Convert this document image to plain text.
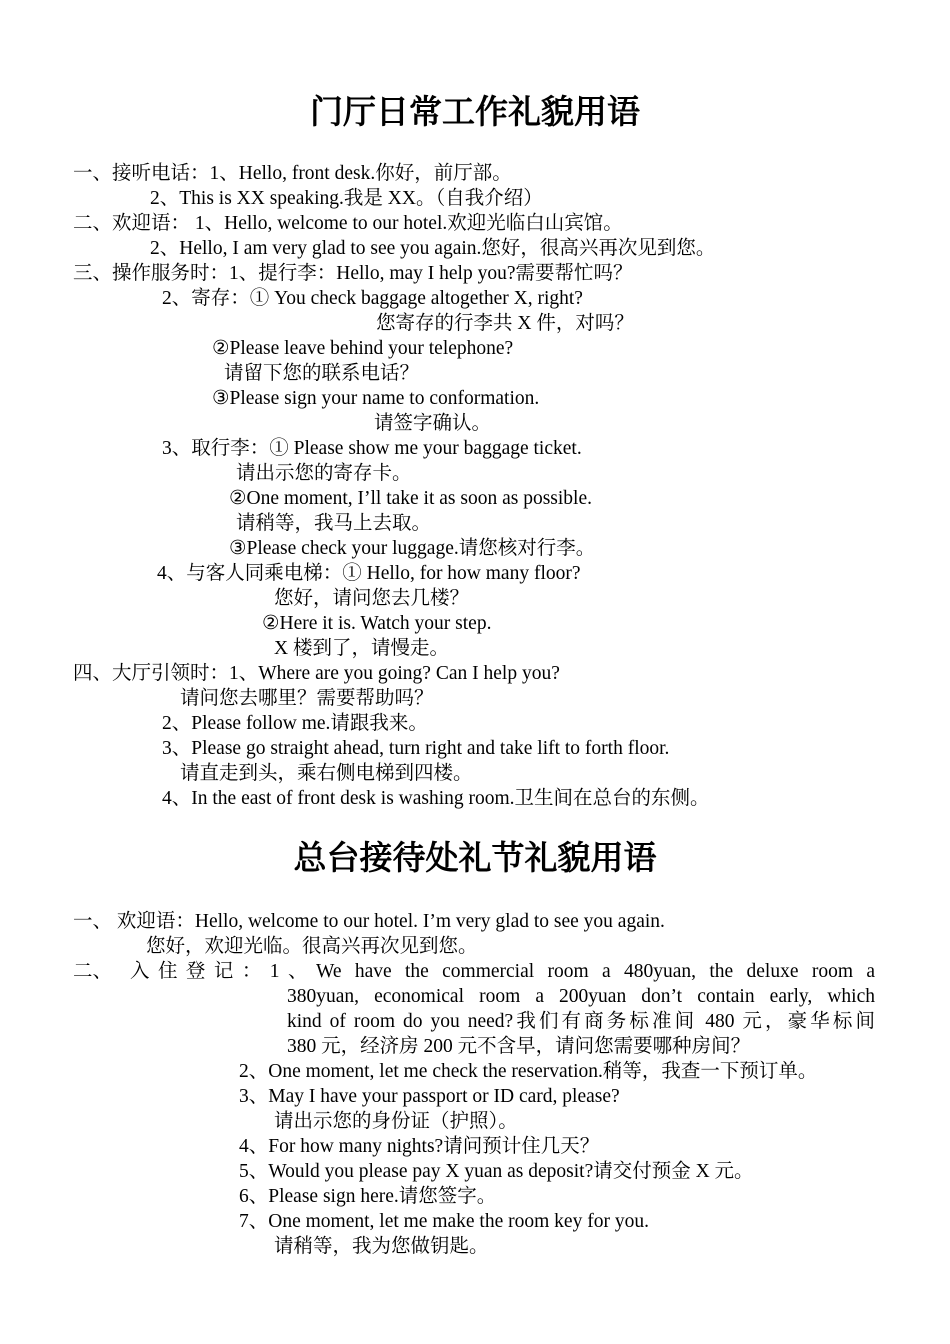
门厅日常工作礼貌用语
一、接听电话：1、Hello, front desk.你好，前厅部。
2、This is XX speaking.我是 XX。（自我介绍）
二、欢迎语： 1、Hello, welcome to our hotel.欢迎光临白山宾馆。
2、Hello, I am very glad to see you again.您好，很高兴再次见到您。
三、操作服务时：1、提行李：Hello, may I help you?需要帮忙吗？
2、寄存：① You check baggage altogether X, right?
您寄存的行李共 X 件，对吗？
②Please leave behind your telephone?
请留下您的联系电话？
③Please sign your name to conformation.
请签字确认。
3、取行李：① Please show me your baggage ticket.
请出示您的寄存卡。
②One moment, I’ll take it as soon as possible.
请稍等，我马上去取。
③Please check your luggage.请您核对行李。
4、与客人同乘电梯：① Hello, for how many floor?
您好，请问您去几楼？
②Here it is. Watch your step.
X 楼到了，请慢走。
四、大厅引领时：1、Where are you going? Can I help you?
请问您去哪里？需要帮助吗？
2、Please follow me.请跟我来。
3、Please go straight ahead, turn right and take lift to forth floor.
请直走到头，乘右侧电梯到四楼。
4、In the east of front desk is washing room.卫生间在总台的东侧。
总台接待处礼节礼貌用语
一、 欢迎语：Hello, welcome to our hotel. I’m very glad to see you again.
您好，欢迎光临。很高兴再次见到您。
二、 入住登记：1、We have the commercial room a 480yuan, the deluxe room a
380yuan, economical room a 200yuan don’t contain early, which
kind of room do you need?我们有商务标准间 480 元，豪华标间
380 元，经济房 200 元不含早，请问您需要哪种房间？
2、One moment, let me check the reservation.稍等，我查一下预订单。
3、May I have your passport or ID card, please?
请出示您的身份证（护照）。
4、For how many nights?请问预计住几天？
5、Would you please pay X yuan as deposit?请交付预金 X 元。
6、Please sign here.请您签字。
7、One moment, let me make the room key for you.
请稍等，我为您做钥匙。
